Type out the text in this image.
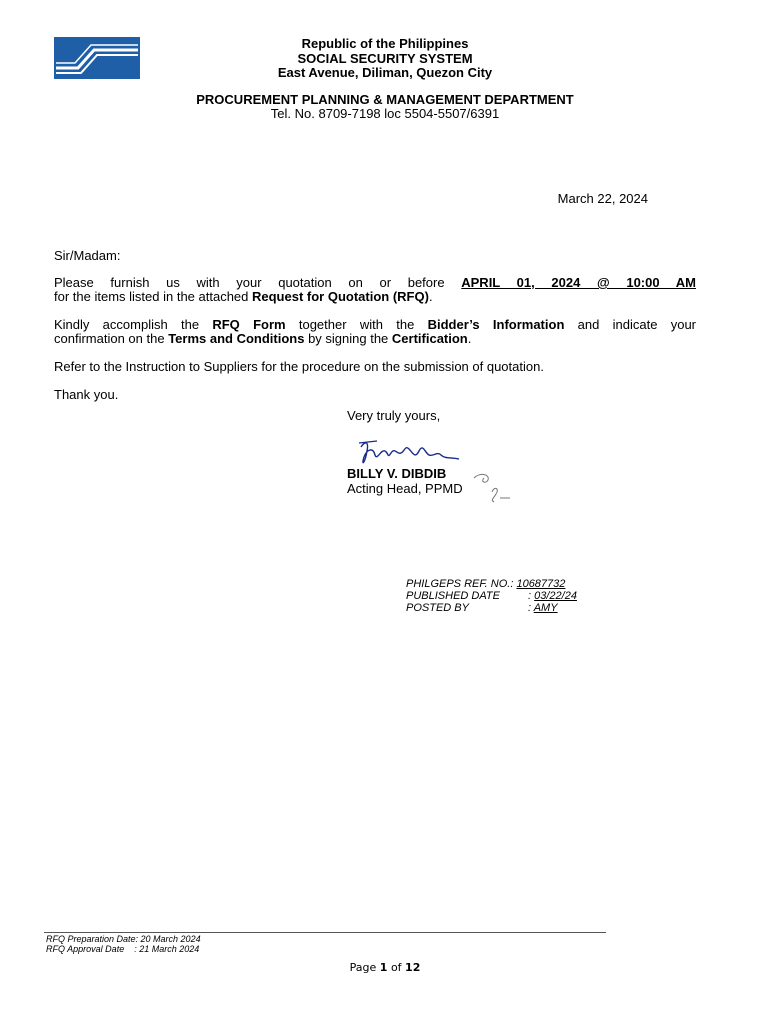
Republic of the Philippines
SOCIAL SECURITY SYSTEM
East Avenue, Diliman, Quezon City
PROCUREMENT PLANNING & MANAGEMENT DEPARTMENT
Tel. No. 8709-7198 loc 5504-5507/6391
March 22, 2024
Sir/Madam:
Please furnish us with your quotation on or before APRIL 01, 2024 @ 10:00 AM
for the items listed in the attached Request for Quotation (RFQ).
Kindly accomplish the RFQ Form together with the Bidder’s Information and indicate your
confirmation on the Terms and Conditions by signing the Certification.
Refer to the Instruction to Suppliers for the procedure on the submission of quotation.
Thank you.
Very truly yours,
BILLY V. DIBDIB
Acting Head, PPMD
PHILGEPS REF. NO.: 10687732
PUBLISHED DATE	: 03/22/24
POSTED BY	: AMY
RFQ Preparation Date: 20 March 2024
RFQ Approval Date    : 21 March 2024
Page 1 of 12
